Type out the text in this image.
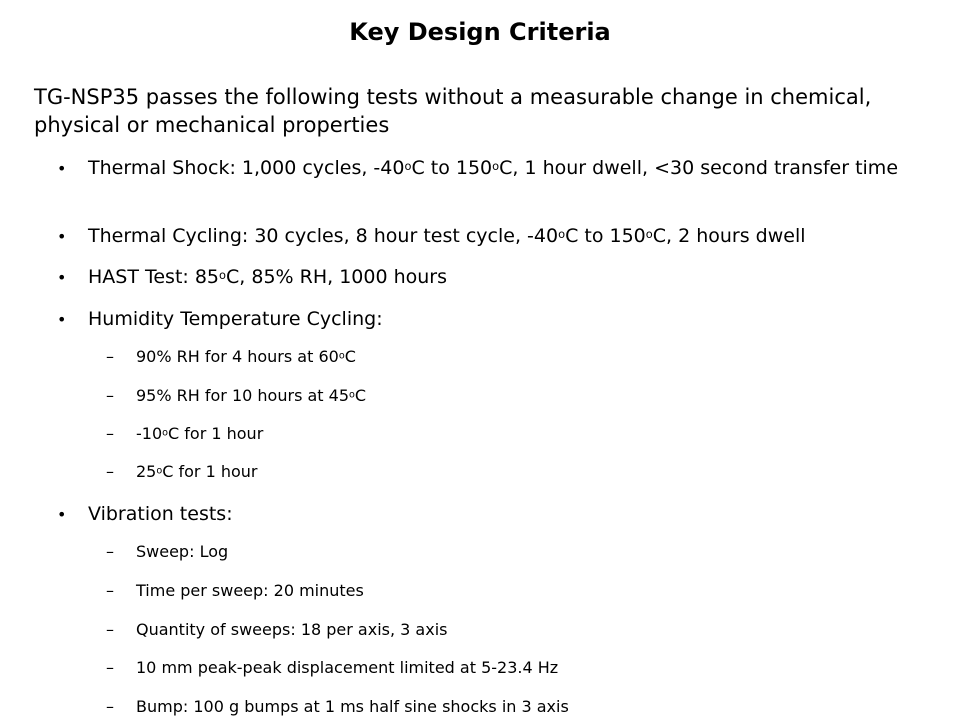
Key Design Criteria
TG-NSP35 passes the following tests without a measurable change in chemical, physical or mechanical properties
• Thermal Shock: 1,000 cycles, -40$^o$C to 150$^o$C, 1 hour dwell, <30 second transfer time
• Thermal Cycling: 30 cycles, 8 hour test cycle, -40$^o$C to 150$^o$C, 2 hours dwell
• HAST Test: 85$^o$C, 85% RH, 1000 hours
• Humidity Temperature Cycling:
– 90% RH for 4 hours at 60$^o$C
– 95% RH for 10 hours at 45$^o$C
– -10$^o$C for 1 hour
– 25$^o$C for 1 hour
• Vibration tests:
– Sweep: Log
– Time per sweep: 20 minutes
– Quantity of sweeps: 18 per axis, 3 axis
– 10 mm peak-peak displacement limited at 5-23.4 Hz
– Bump: 100 g bumps at 1 ms half sine shocks in 3 axis
